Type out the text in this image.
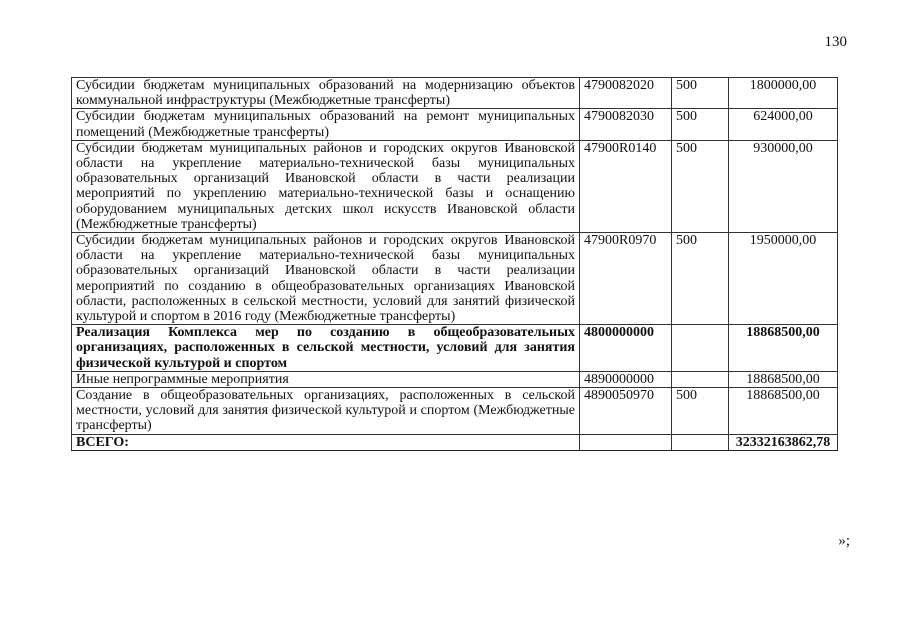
130
Субсидии бюджетам муниципальных образований на модернизацию объектов коммунальной инфраструктуры (Межбюджетные трансферты)	4790082020	500	1800000,00
Субсидии бюджетам муниципальных образований на ремонт муниципальных помещений (Межбюджетные трансферты)	4790082030	500	624000,00
Субсидии бюджетам муниципальных районов и городских округов Ивановской области на укрепление материально-технической базы муниципальных образовательных организаций Ивановской области в части реализации мероприятий по укреплению материально-технической базы и оснащению оборудованием муниципальных детских школ искусств Ивановской области (Межбюджетные трансферты)	47900R0140	500	930000,00
Субсидии бюджетам муниципальных районов и городских округов Ивановской области на укрепление материально-технической базы муниципальных образовательных организаций Ивановской области в части реализации мероприятий по созданию в общеобразовательных организациях Ивановской области, расположенных в сельской местности, условий для занятий физической культурой и спортом в 2016 году (Межбюджетные трансферты)	47900R0970	500	1950000,00
Реализация Комплекса мер по созданию в общеобразовательных организациях, расположенных в сельской местности, условий для занятия физической культурой и спортом	4800000000		18868500,00
Иные непрограммные мероприятия	4890000000		18868500,00
Создание в общеобразовательных организациях, расположенных в сельской местности, условий для занятия физической культурой и спортом (Межбюджетные трансферты)	4890050970	500	18868500,00
ВСЕГО:			32332163862,78
»;
